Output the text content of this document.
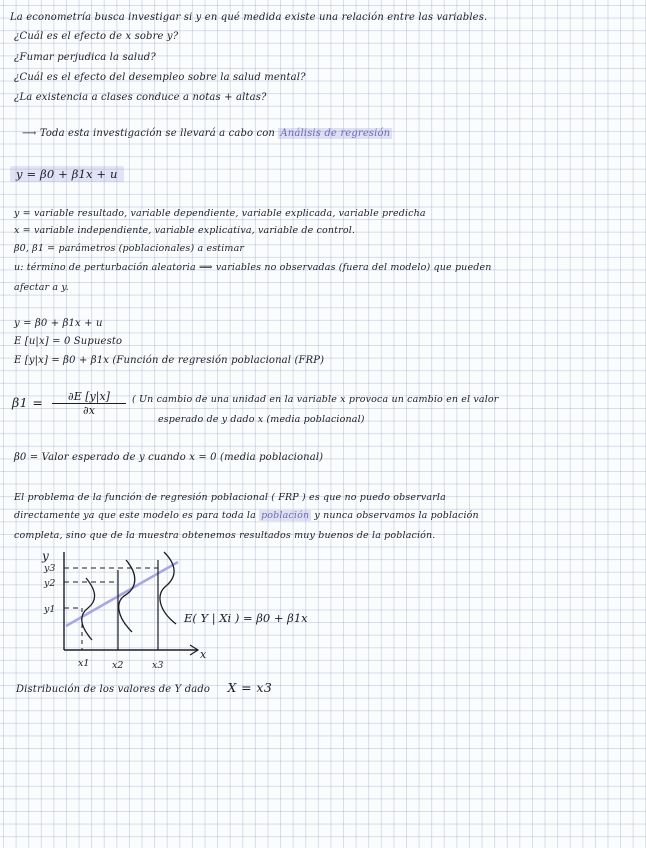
La econometría busca investigar si y en qué medida existe una relación entre las variables.
¿Cuál es el efecto de x sobre y?
¿Fumar perjudica la salud?
¿Cuál es el efecto del desempleo sobre la salud mental?
¿La existencia a clases conduce a notas + altas?
⟶ Toda esta investigación se llevará a cabo con Análisis de regresión
y = β0 + β1x + u
y = variable resultado, variable dependiente, variable explicada, variable predicha
x = variable independiente, variable explicativa, variable de control.
β0, β1 = parámetros (poblacionales) a estimar
u: término de perturbación aleatoria ⟹ variables no observadas (fuera del modelo) que pueden
afectar a y.
y = β0 + β1x + u
E [u|x] = 0 Supuesto
E [y|x] = β0 + β1x (Función de regresión poblacional (FRP)
$\beta 1 = \frac{\partial E [y|x]}{\partial x}$ ( Un cambio de una unidad en la variable x provoca un cambio en el valor
esperado de y dado x (media poblacional)
β0 = Valor esperado de y cuando x = 0 (media poblacional)
El problema de la función de regresión poblacional ( FRP ) es que no puedo observarla
directamente ya que este modelo es para toda la población y nunca observamos la población
completa, sino que de la muestra obtenemos resultados muy buenos de la población.
y
x
y3
y2
y1
x1 x2	x3
E( Y | Xi ) = β0 + β1x
Distribución de los valores de Y dado X = x3
